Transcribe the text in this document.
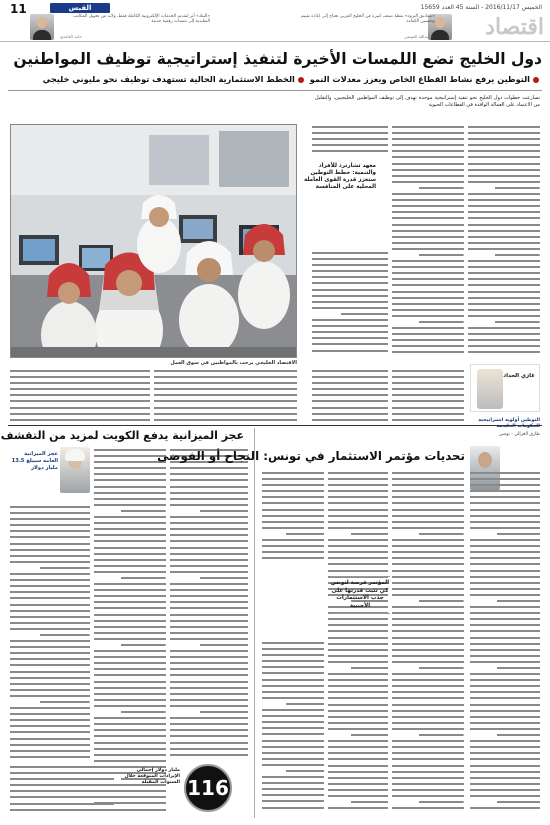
الخميس 2016/11/17 - السنة 45 العدد 15659
القبس
11
«صناديق الثروة» نقطة ضعف كبيرة في الخليج العربي تحتاج إلى إعادة تقييم وتحسين الكفاءة
عبدالله العوضي
«البنك» أثر لتقديم الخدمات الإلكترونية الكاملة فقط، ولابد من تحويل المكاتب التقليدية إلى منصات رقمية حديثة
حامد الغامدي	اقتصاد
دول الخليج تضع اللمسات الأخيرة لتنفيذ إستراتيجية توظيف المواطنين
التوطين يرفع نشاط القطاع الخاص ويعزز معدلات النمو الخطط الاستثمارية الحالية تستهدف توظيف نحو مليوني خليجي
تسارعت خطوات دول الخليج نحو تنفيذ إستراتيجية موحدة تهدف إلى توظيف المواطنين الخليجيين، والتقليل من الاعتماد على العمالة الوافدة في القطاعات الحيوية
معهد تشارترد للأفراد والتنمية: خطط التوطين ستعزز قدرة القوى العاملة المحلية على المنافسة
الاقتصاد الخليجي يرحب بالمواطنين في سوق العمل
غازي الحداد
التوطين أولوية استراتيجية للحكومات الخليجية
عجز الميزانية يدفع الكويت لمزيد من التقشف
عجز الميزانية العامة سيبلغ 13.5 مليار دولار
116
مليار دولار إجمالي الإيرادات المتوقعة خلال السنوات المقبلة
طارق الغزالي - تونس
تحديات مؤتمر الاستثمار في تونس: النجاح أو الفوضى
المؤتمر فرصة لتونس كي تثبت قدرتها على جذب الاستثمارات الأجنبية
